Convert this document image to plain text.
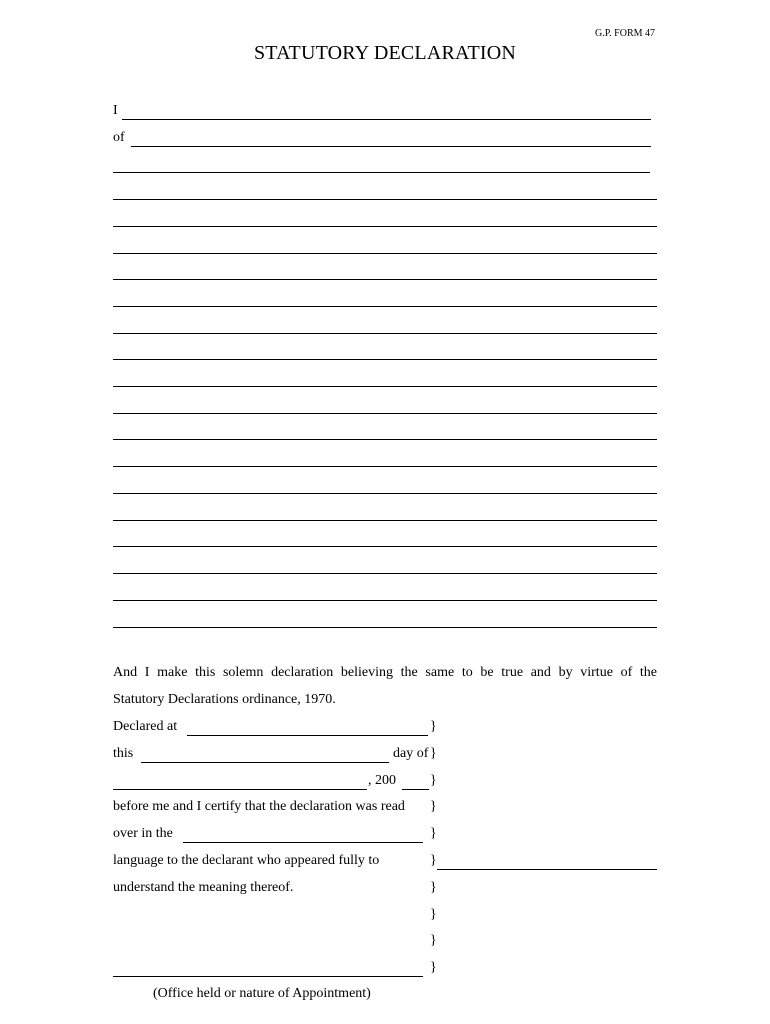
G.P. FORM 47
STATUTORY DECLARATION
I
of
And I make this solemn declaration believing the same to be true and by virtue of the
Statutory Declarations ordinance, 1970.
Declared at	}
this	day of }
, 200 }
before me and I certify that the declaration was read }
over in the	}
language to the declarant who appeared fully to	}
understand the meaning thereof.	}
}
}
}
(Office held or nature of Appointment)
